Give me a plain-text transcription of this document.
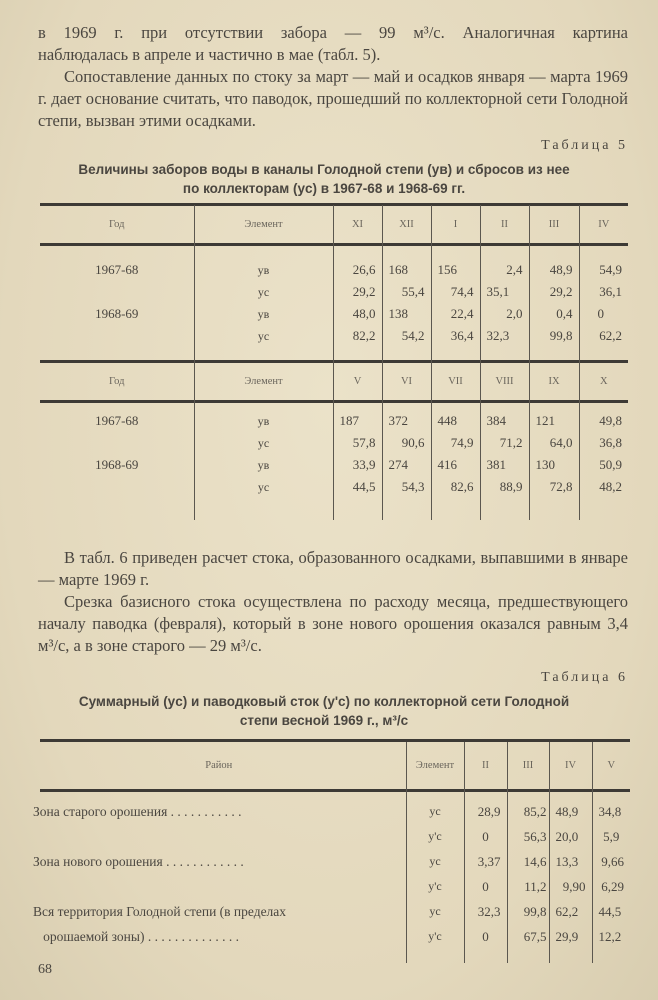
в 1969 г. при отсутствии забора — 99 м³/с. Аналогичная картина

наблюдалась в апреле и частично в мае (табл. 5).

Сопоставление данных по стоку за март — май и осадков января — марта 1969 г. дает основание считать, что паводок, прошедший по коллекторной сети Голодной степи, вызван этими осадками.

Таблица 5
Величины заборов воды в каналы Голодной степи (yв) и сбросов из нее
по коллекторам (yс) в 1967-68 и 1968-69 гг.
Год	Элемент	XI	XII	I	II	III	IV

1967-68	yв	26,6	168	156	2,4	48,9	54,9
	yс	29,2	55,4	74,4	35,1	29,2	36,1
1968-69	yв	48,0	138	22,4	2,0	0,4	0
	yс	82,2	54,2	36,4	32,3	99,8	62,2

Год	Элемент	V	VI	VII	VIII	IX	X

1967-68	yв	187	372	448	384	121	49,8
	yс	57,8	90,6	74,9	71,2	64,0	36,8
1968-69	yв	33,9	274	416	381	130	50,9
	yс	44,5	54,3	82,6	88,9	72,8	48,2

В табл. 6 приведен расчет стока, образованного осадками, выпавшими в январе — марте 1969 г.

Срезка базисного стока осуществлена по расходу месяца, предшествующего началу паводка (февраля), который в зоне нового орошения оказался равным 3,4 м³/с, а в зоне старого — 29 м³/с.

Таблица 6
Суммарный (yс) и паводковый сток (y'с) по коллекторной сети Голодной
степи весной 1969 г., м³/с
Район	Элемент	II	III	IV	V

Зона старого орошения . . . . . . . . . . .	yс	28,9	85,2	48,9	34,8
	y'с	0	56,3	20,0	5,9
Зона нового орошения . . . . . . . . . . . .	yс	3,37	14,6	13,3	9,66
	y'с	0	11,2	9,90	6,29
Вся территория Голодной степи (в пределах	yс	32,3	99,8	62,2	44,5
орошаемой зоны) . . . . . . . . . . . . . .	y'с	0	67,5	29,9	12,2

68
